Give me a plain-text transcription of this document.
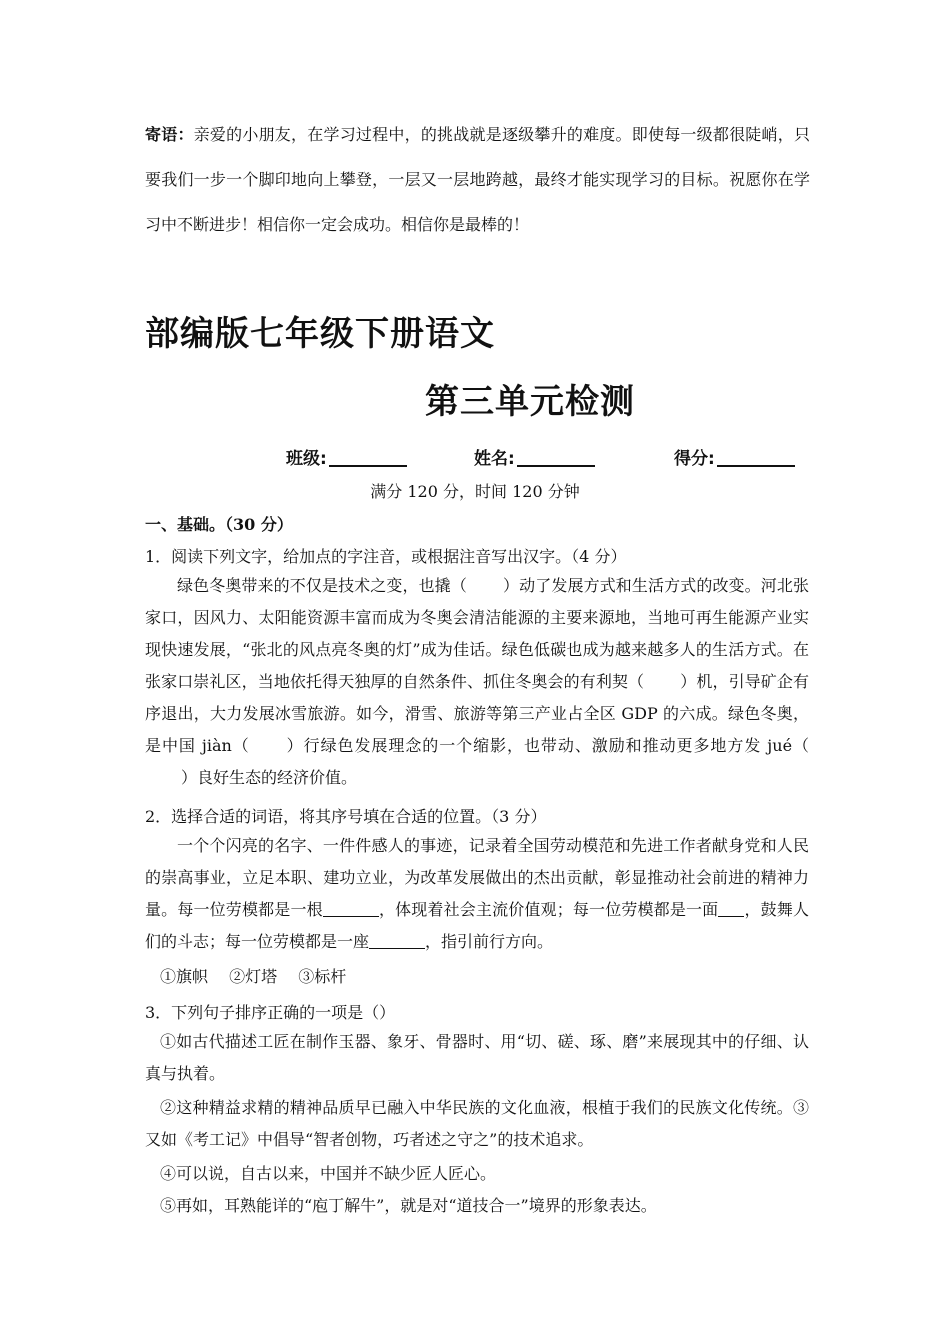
寄语：亲爱的小朋友，在学习过程中，的挑战就是逐级攀升的难度。即使每一级都很陡峭，只要我们一步一个脚印地向上攀登，一层又一层地跨越，最终才能实现学习的目标。祝愿你在学习中不断进步！相信你一定会成功。相信你是最棒的！
部编版七年级下册语文
第三单元检测
班级:	姓名:	得分:
满分 120 分，时间 120 分钟
一、基础。（30 分）
1．阅读下列文字，给加点的字注音，或根据注音写出汉字。（4 分）
绿色冬奥带来的不仅是技术之变，也撬（ ）动了发展方式和生活方式的改变。河北张家口，因风力、太阳能资源丰富而成为冬奥会清洁能源的主要来源地，当地可再生能源产业实现快速发展，“张北的风点亮冬奥的灯”成为佳话。绿色低碳也成为越来越多人的生活方式。在张家口崇礼区，当地依托得天独厚的自然条件、抓住冬奥会的有利契（ ）机，引导矿企有序退出，大力发展冰雪旅游。如今，滑雪、旅游等第三产业占全区 GDP 的六成。绿色冬奥，是中国 jiàn（ ）行绿色发展理念的一个缩影，也带动、激励和推动更多地方发 jué（）良好生态的经济价值。
2．选择合适的词语，将其序号填在合适的位置。（3 分）
一个个闪亮的名字、一件件感人的事迹，记录着全国劳动模范和先进工作者献身党和人民的崇高事业，立足本职、建功立业，为改革发展做出的杰出贡献，彰显推动社会前进的精神力量。每一位劳模都是一根	，体现着社会主流价值观；每一位劳模都是一面 ，鼓舞人们的斗志；每一位劳模都是一座	，指引前行方向。
①旗帜 ②灯塔 ③标杆
3．下列句子排序正确的一项是（）
①如古代描述工匠在制作玉器、象牙、骨器时、用“切、磋、琢、磨”来展现其中的仔细、认真与执着。
②这种精益求精的精神品质早已融入中华民族的文化血液，根植于我们的民族文化传统。③又如《考工记》中倡导“智者创物，巧者述之守之”的技术追求。
④可以说，自古以来，中国并不缺少匠人匠心。
⑤再如，耳熟能详的“庖丁解牛”，就是对“道技合一”境界的形象表达。
